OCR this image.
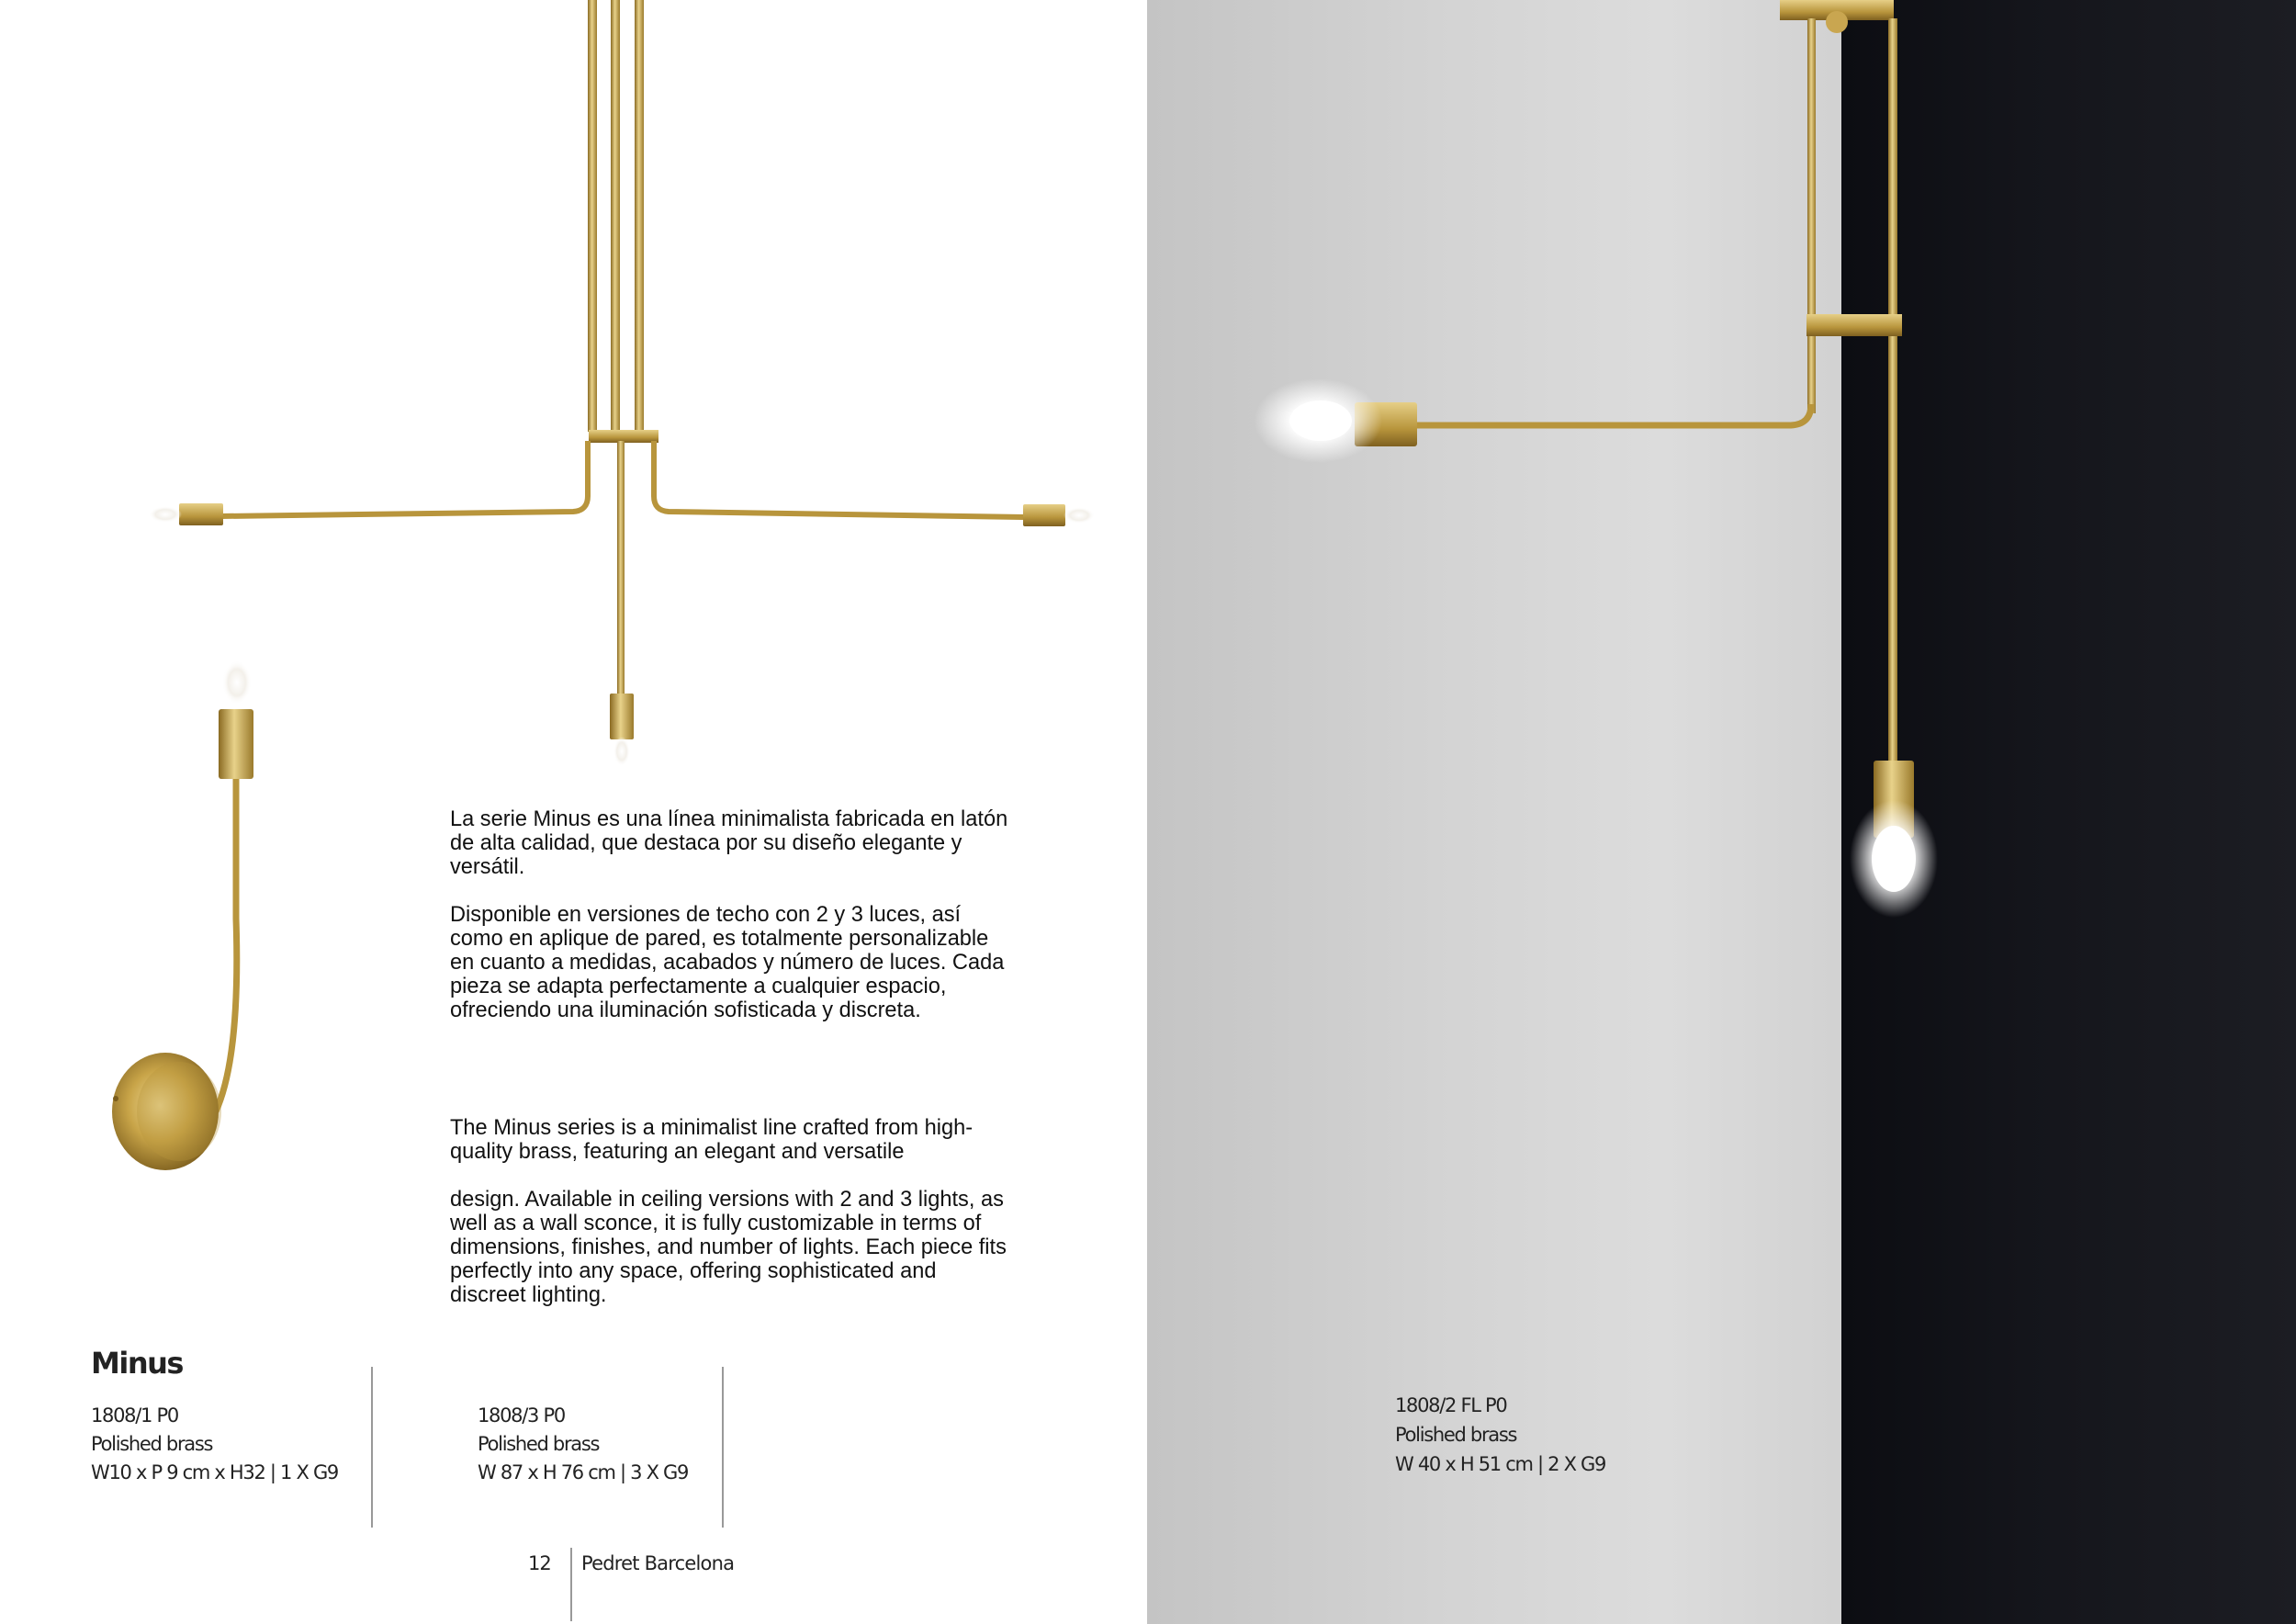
La serie Minus es una línea minimalista fabricada en latón de alta calidad, que destaca por su diseño elegante y versátil.

Disponible en versiones de techo con 2 y 3 luces, así como en aplique de pared, es totalmente personalizable en cuanto a medidas, acabados y número de luces. Cada pieza se adapta perfectamente a cualquier espacio, ofreciendo una iluminación sofisticada y discreta.

The Minus series is a minimalist line crafted from high-quality brass, featuring an elegant and versatile

design. Available in ceiling versions with 2 and 3 lights, as well as a wall sconce, it is fully customizable in terms of dimensions, finishes, and number of lights. Each piece fits perfectly into any space, offering sophisticated and discreet lighting.

Minus
1808/1 P0
Polished brass
W10 x P 9 cm x H32 | 1 X G9
1808/3 P0
Polished brass
W 87 x H 76 cm | 3 X G9
12 Pedret Barcelona
1808/2 FL P0
Polished brass
W 40 x H 51 cm | 2 X G9
